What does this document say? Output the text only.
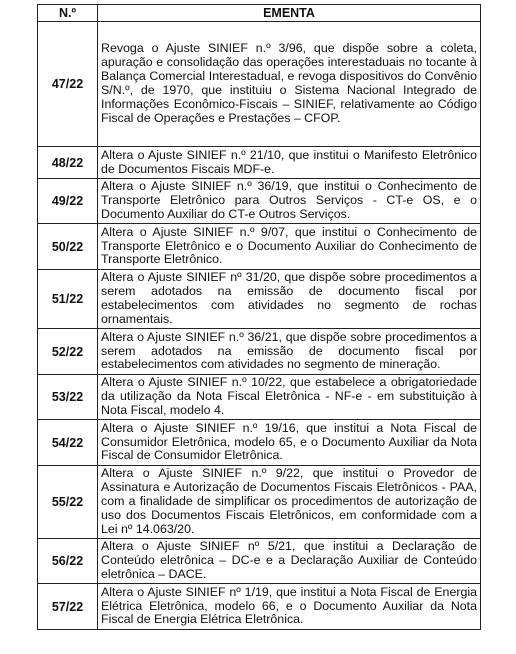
N.º	EMENTA
47/22	Revoga o Ajuste SINIEF n.º 3/96, que dispõe sobre a coleta, apuração e consolidação das operações interestaduais no tocante à Balança Comercial Interestadual, e revoga dispositivos do Convênio S/N.º, de 1970, que instituiu o Sistema Nacional Integrado de Informações Econômico-Fiscais – SINIEF, relativamente ao Código Fiscal de Operações e Prestações – CFOP.
48/22	Altera o Ajuste SINIEF n.º 21/10, que institui o Manifesto Eletrônico de Documentos Fiscais MDF-e.
49/22	Altera o Ajuste SINIEF n.º 36/19, que institui o Conhecimento de Transporte Eletrônico para Outros Serviços - CT-e OS, e o Documento Auxiliar do CT-e Outros Serviços.
50/22	Altera o Ajuste SINIEF n.º 9/07, que institui o Conhecimento de Transporte Eletrônico e o Documento Auxiliar do Conhecimento de Transporte Eletrônico.
51/22	Altera o Ajuste SINIEF nº 31/20, que dispõe sobre procedimentos a serem adotados na emissão de documento fiscal por estabelecimentos com atividades no segmento de rochas ornamentais.
52/22	Altera o Ajuste SINIEF n.º 36/21, que dispõe sobre procedimentos a serem adotados na emissão de documento fiscal por estabelecimentos com atividades no segmento de mineração.
53/22	Altera o Ajuste SINIEF n.º 10/22, que estabelece a obrigatoriedade da utilização da Nota Fiscal Eletrônica - NF-e - em substituição à Nota Fiscal, modelo 4.
54/22	Altera o Ajuste SINIEF n.º 19/16, que institui a Nota Fiscal de Consumidor Eletrônica, modelo 65, e o Documento Auxiliar da Nota Fiscal de Consumidor Eletrônica.
55/22	Altera o Ajuste SINIEF n.º 9/22, que institui o Provedor de Assinatura e Autorização de Documentos Fiscais Eletrônicos - PAA, com a finalidade de simplificar os procedimentos de autorização de uso dos Documentos Fiscais Eletrônicos, em conformidade com a Lei nº 14.063/20.
56/22	Altera o Ajuste SINIEF nº 5/21, que institui a Declaração de Conteúdo eletrônica – DC-e e a Declaração Auxiliar de Conteúdo eletrônica – DACE.
57/22	Altera o Ajuste SINIEF nº 1/19, que institui a Nota Fiscal de Energia Elétrica Eletrônica, modelo 66, e o Documento Auxiliar da Nota Fiscal de Energia Elétrica Eletrônica.
